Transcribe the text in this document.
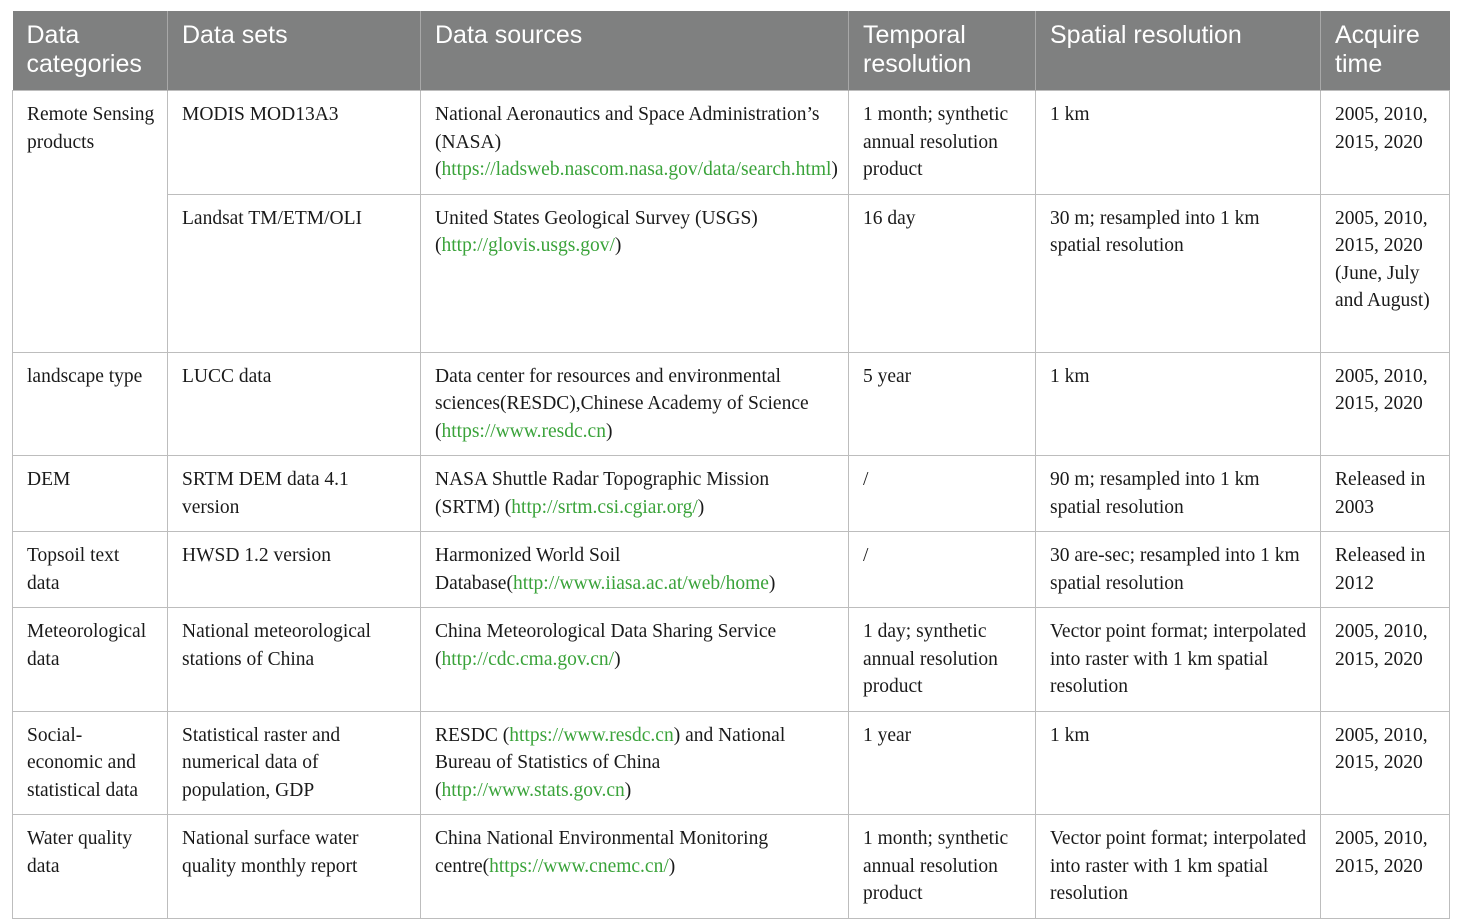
Data categories	Data sets	Data sources	Temporal resolution	Spatial resolution	Acquire time
Remote Sensing products	MODIS MOD13A3	National Aeronautics and Space Administration’s (NASA) (https://ladsweb.nascom.nasa.gov/data/search.html)	1 month; synthetic annual resolution product	1 km	2005, 2010, 2015, 2020
	Landsat TM/ETM/OLI	United States Geological Survey (USGS) (http://glovis.usgs.gov/)	16 day	30 m; resampled into 1 km spatial resolution	2005, 2010, 2015, 2020 (June, July and August)
landscape type	LUCC data	Data center for resources and environmental sciences(RESDC),Chinese Academy of Science (https://www.resdc.cn)	5 year	1 km	2005, 2010, 2015, 2020
DEM	SRTM DEM data 4.1 version	NASA Shuttle Radar Topographic Mission (SRTM) (http://srtm.csi.cgiar.org/)	/	90 m; resampled into 1 km spatial resolution	Released in 2003
Topsoil text data	HWSD 1.2 version	Harmonized World Soil Database(http://www.iiasa.ac.at/web/home)	/	30 are-sec; resampled into 1 km spatial resolution	Released in 2012
Meteorological data	National meteorological stations of China	China Meteorological Data Sharing Service (http://cdc.cma.gov.cn/)	1 day; synthetic annual resolution product	Vector point format; interpolated into raster with 1 km spatial resolution	2005, 2010, 2015, 2020
Social-economic and statistical data	Statistical raster and numerical data of population, GDP	RESDC (https://www.resdc.cn) and National Bureau of Statistics of China (http://www.stats.gov.cn)	1 year	1 km	2005, 2010, 2015, 2020
Water quality data	National surface water quality monthly report	China National Environmental Monitoring centre(https://www.cnemc.cn/)	1 month; synthetic annual resolution product	Vector point format; interpolated into raster with 1 km spatial resolution	2005, 2010, 2015, 2020
